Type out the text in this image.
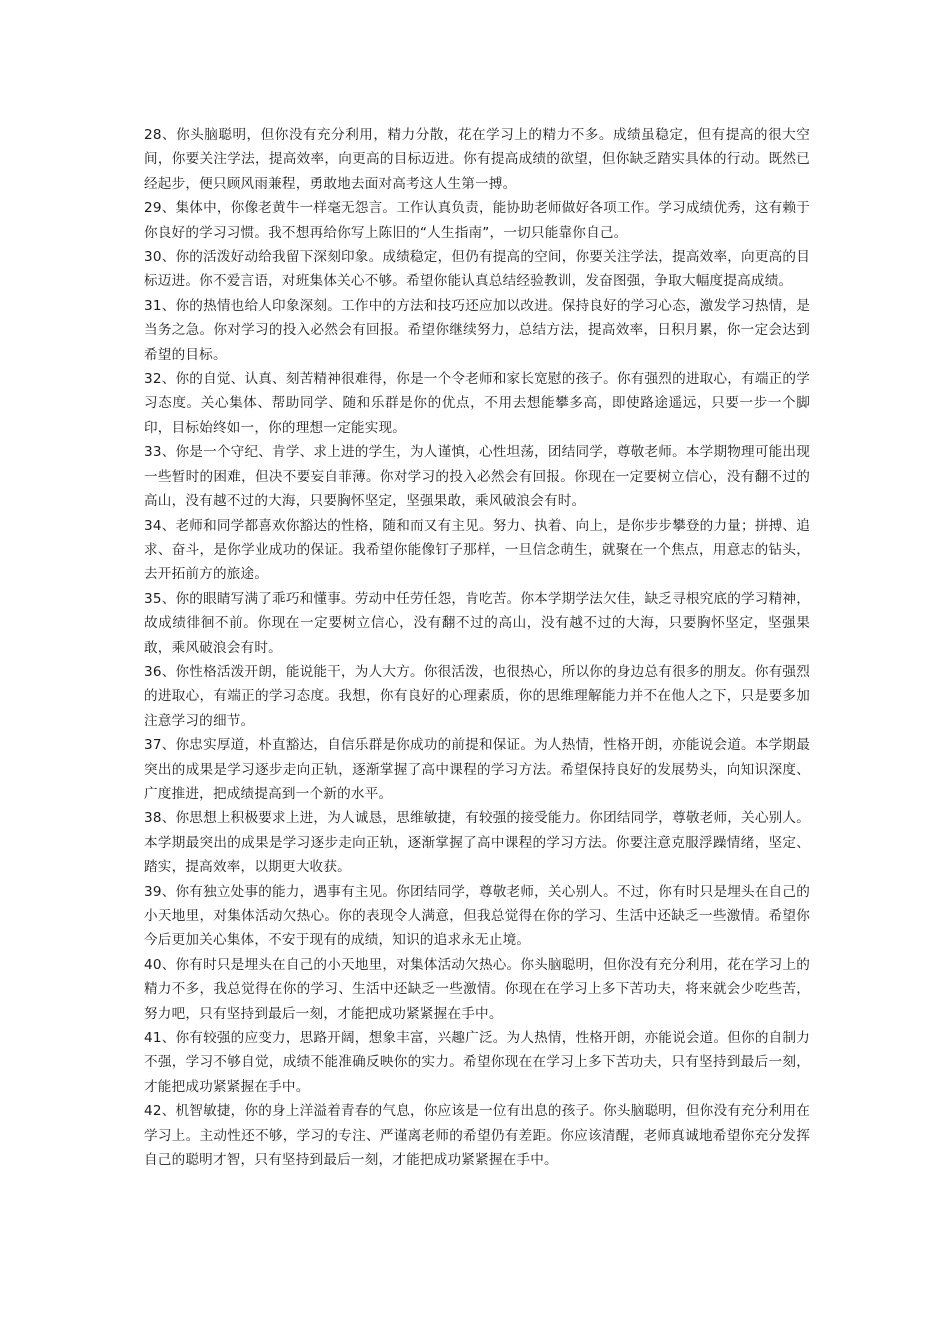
28、你头脑聪明，但你没有充分利用，精力分散，花在学习上的精力不多。成绩虽稳定，但有提高的很大空间，你要关注学法，提高效率，向更高的目标迈进。你有提高成绩的欲望，但你缺乏踏实具体的行动。既然已经起步，便只顾风雨兼程，勇敢地去面对高考这人生第一搏。

29、集体中，你像老黄牛一样毫无怨言。工作认真负责，能协助老师做好各项工作。学习成绩优秀，这有赖于你良好的学习习惯。我不想再给你写上陈旧的“人生指南”，一切只能靠你自己。

30、你的活泼好动给我留下深刻印象。成绩稳定，但仍有提高的空间，你要关注学法，提高效率，向更高的目标迈进。你不爱言语，对班集体关心不够。希望你能认真总结经验教训，发奋图强，争取大幅度提高成绩。

31、你的热情也给人印象深刻。工作中的方法和技巧还应加以改进。保持良好的学习心态，激发学习热情，是当务之急。你对学习的投入必然会有回报。希望你继续努力，总结方法，提高效率，日积月累，你一定会达到希望的目标。

32、你的自觉、认真、刻苦精神很难得，你是一个令老师和家长宽慰的孩子。你有强烈的进取心，有端正的学习态度。关心集体、帮助同学、随和乐群是你的优点，不用去想能攀多高，即使路途遥远，只要一步一个脚印，目标始终如一，你的理想一定能实现。

33、你是一个守纪、肯学、求上进的学生，为人谨慎，心性坦荡，团结同学，尊敬老师。本学期物理可能出现一些暂时的困难，但决不要妄自菲薄。你对学习的投入必然会有回报。你现在一定要树立信心，没有翻不过的高山，没有越不过的大海，只要胸怀坚定，坚强果敢，乘风破浪会有时。

34、老师和同学都喜欢你豁达的性格，随和而又有主见。努力、执着、向上，是你步步攀登的力量；拼搏、追求、奋斗，是你学业成功的保证。我希望你能像钉子那样，一旦信念萌生，就聚在一个焦点，用意志的钻头，去开拓前方的旅途。

35、你的眼睛写满了乖巧和懂事。劳动中任劳任怨，肯吃苦。你本学期学法欠佳，缺乏寻根究底的学习精神，故成绩徘徊不前。你现在一定要树立信心，没有翻不过的高山，没有越不过的大海，只要胸怀坚定，坚强果敢，乘风破浪会有时。

36、你性格活泼开朗，能说能干，为人大方。你很活泼，也很热心，所以你的身边总有很多的朋友。你有强烈的进取心，有端正的学习态度。我想，你有良好的心理素质，你的思维理解能力并不在他人之下，只是要多加注意学习的细节。

37、你忠实厚道，朴直豁达，自信乐群是你成功的前提和保证。为人热情，性格开朗，亦能说会道。本学期最突出的成果是学习逐步走向正轨，逐渐掌握了高中课程的学习方法。希望保持良好的发展势头，向知识深度、广度推进，把成绩提高到一个新的水平。

38、你思想上积极要求上进，为人诚恳，思维敏捷，有较强的接受能力。你团结同学，尊敬老师，关心别人。本学期最突出的成果是学习逐步走向正轨，逐渐掌握了高中课程的学习方法。你要注意克服浮躁情绪，坚定、踏实，提高效率，以期更大收获。

39、你有独立处事的能力，遇事有主见。你团结同学，尊敬老师，关心别人。不过，你有时只是埋头在自己的小天地里，对集体活动欠热心。你的表现令人满意，但我总觉得在你的学习、生活中还缺乏一些激情。希望你今后更加关心集体，不安于现有的成绩，知识的追求永无止境。

40、你有时只是埋头在自己的小天地里，对集体活动欠热心。你头脑聪明，但你没有充分利用，花在学习上的精力不多，我总觉得在你的学习、生活中还缺乏一些激情。你现在在学习上多下苦功夫，将来就会少吃些苦，努力吧，只有坚持到最后一刻，才能把成功紧紧握在手中。

41、你有较强的应变力，思路开阔，想象丰富，兴趣广泛。为人热情，性格开朗，亦能说会道。但你的自制力不强，学习不够自觉，成绩不能准确反映你的实力。希望你现在在学习上多下苦功夫，只有坚持到最后一刻，才能把成功紧紧握在手中。

42、机智敏捷，你的身上洋溢着青春的气息，你应该是一位有出息的孩子。你头脑聪明，但你没有充分利用在学习上。主动性还不够，学习的专注、严谨离老师的希望仍有差距。你应该清醒，老师真诚地希望你充分发挥自己的聪明才智，只有坚持到最后一刻，才能把成功紧紧握在手中。
